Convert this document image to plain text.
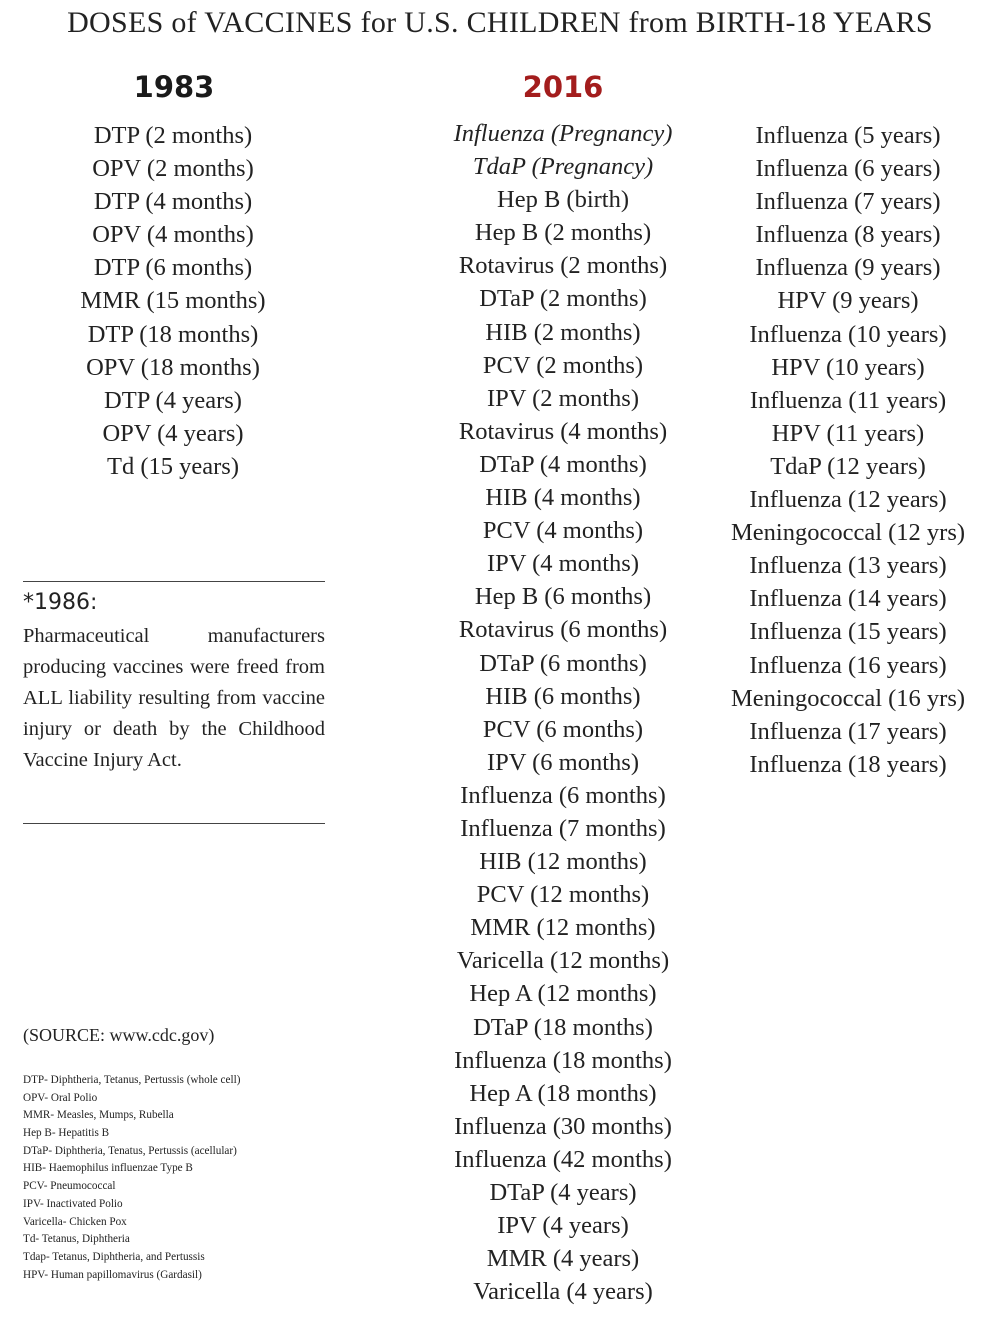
DOSES of VACCINES for U.S. CHILDREN from BIRTH-18 YEARS
1983	2016
DTP (2 months)
OPV (2 months)
DTP (4 months)
OPV (4 months)
DTP (6 months)
MMR (15 months)
DTP (18 months)
OPV (18 months)
DTP (4 years)
OPV (4 years)
Td (15 years)
Influenza (Pregnancy)
TdaP (Pregnancy)
Hep B (birth)
Hep B (2 months)
Rotavirus (2 months)
DTaP (2 months)
HIB (2 months)
PCV (2 months)
IPV (2 months)
Rotavirus (4 months)
DTaP (4 months)
HIB (4 months)
PCV (4 months)
IPV (4 months)
Hep B (6 months)
Rotavirus (6 months)
DTaP (6 months)
HIB (6 months)
PCV (6 months)
IPV (6 months)
Influenza (6 months)
Influenza (7 months)
HIB (12 months)
PCV (12 months)
MMR (12 months)
Varicella (12 months)
Hep A (12 months)
DTaP (18 months)
Influenza (18 months)
Hep A (18 months)
Influenza (30 months)
Influenza (42 months)
DTaP (4 years)
IPV (4 years)
MMR (4 years)
Varicella (4 years)
Influenza (5 years)
Influenza (6 years)
Influenza (7 years)
Influenza (8 years)
Influenza (9 years)
HPV (9 years)
Influenza (10 years)
HPV (10 years)
Influenza (11 years)
HPV (11 years)
TdaP (12 years)
Influenza (12 years)
Meningococcal (12 yrs)
Influenza (13 years)
Influenza (14 years)
Influenza (15 years)
Influenza (16 years)
Meningococcal (16 yrs)
Influenza (17 years)
Influenza (18 years)
*1986:

Pharmaceutical manufacturers producing vaccines were freed from ALL liability resulting from vaccine injury or death by the Childhood Vaccine Injury Act.

(SOURCE: www.cdc.gov)
DTP- Diphtheria, Tetanus, Pertussis (whole cell)
OPV- Oral Polio
MMR- Measles, Mumps, Rubella
Hep B- Hepatitis B
DTaP- Diphtheria, Tenatus, Pertussis (acellular)
HIB- Haemophilus influenzae Type B
PCV- Pneumococcal
IPV- Inactivated Polio
Varicella- Chicken Pox
Td- Tetanus, Diphtheria
Tdap- Tetanus, Diphtheria, and Pertussis
HPV- Human papillomavirus (Gardasil)
